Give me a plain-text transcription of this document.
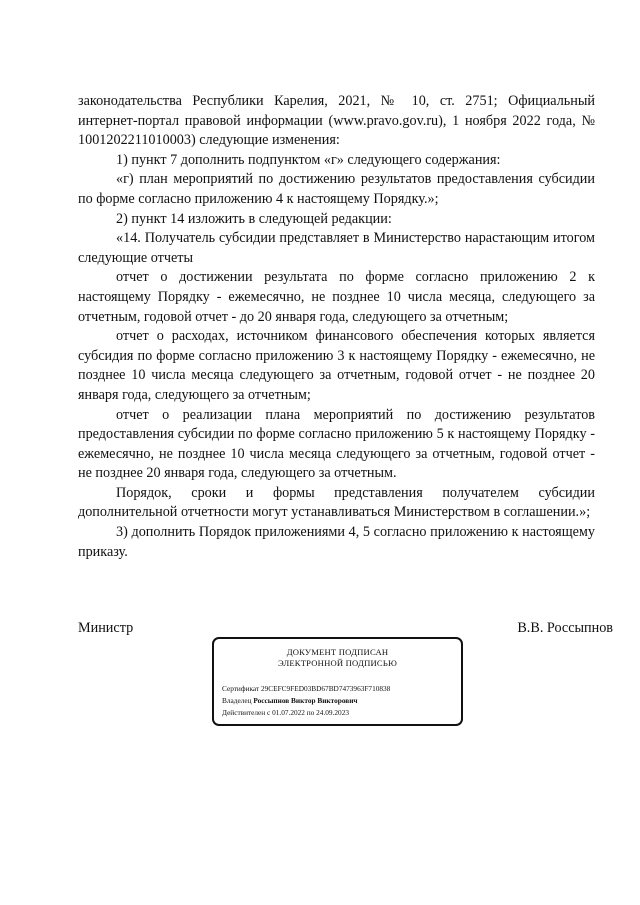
законодательства Республики Карелия, 2021, № 10, ст. 2751; Официальный интернет-портал правовой информации (www.pravo.gov.ru), 1 ноября 2022 года, № 1001202211010003) следующие изменения:

1) пункт 7 дополнить подпунктом «г» следующего содержания:

«г) план мероприятий по достижению результатов предоставления субсидии по форме согласно приложению 4 к настоящему Порядку.»;

2) пункт 14 изложить в следующей редакции:

«14. Получатель субсидии представляет в Министерство нарастающим итогом следующие отчеты

отчет о достижении результата по форме согласно приложению 2 к настоящему Порядку - ежемесячно, не позднее 10 числа месяца, следующего за отчетным, годовой отчет - до 20 января года, следующего за отчетным;

отчет о расходах, источником финансового обеспечения которых является субсидия по форме согласно приложению 3 к настоящему Порядку - ежемесячно, не позднее 10 числа месяца следующего за отчетным, годовой отчет - не позднее 20 января года, следующего за отчетным;

отчет о реализации плана мероприятий по достижению результатов предоставления субсидии по форме согласно приложению 5 к настоящему Порядку - ежемесячно, не позднее 10 числа месяца следующего за отчетным, годовой отчет - не позднее 20 января года, следующего за отчетным.

Порядок, сроки и формы представления получателем субсидии дополнительной отчетности могут устанавливаться Министерством в соглашении.»;

3) дополнить Порядок приложениями 4, 5 согласно приложению к настоящему приказу.

Министр	В.В. Россыпнов
ДОКУМЕНТ ПОДПИСАН
ЭЛЕКТРОННОЙ ПОДПИСЬЮ
Сертификат 29CEFC9FED03BD67BD7473963F710838
Владелец Россыпнов Виктор Викторович
Действителен с 01.07.2022 по 24.09.2023
